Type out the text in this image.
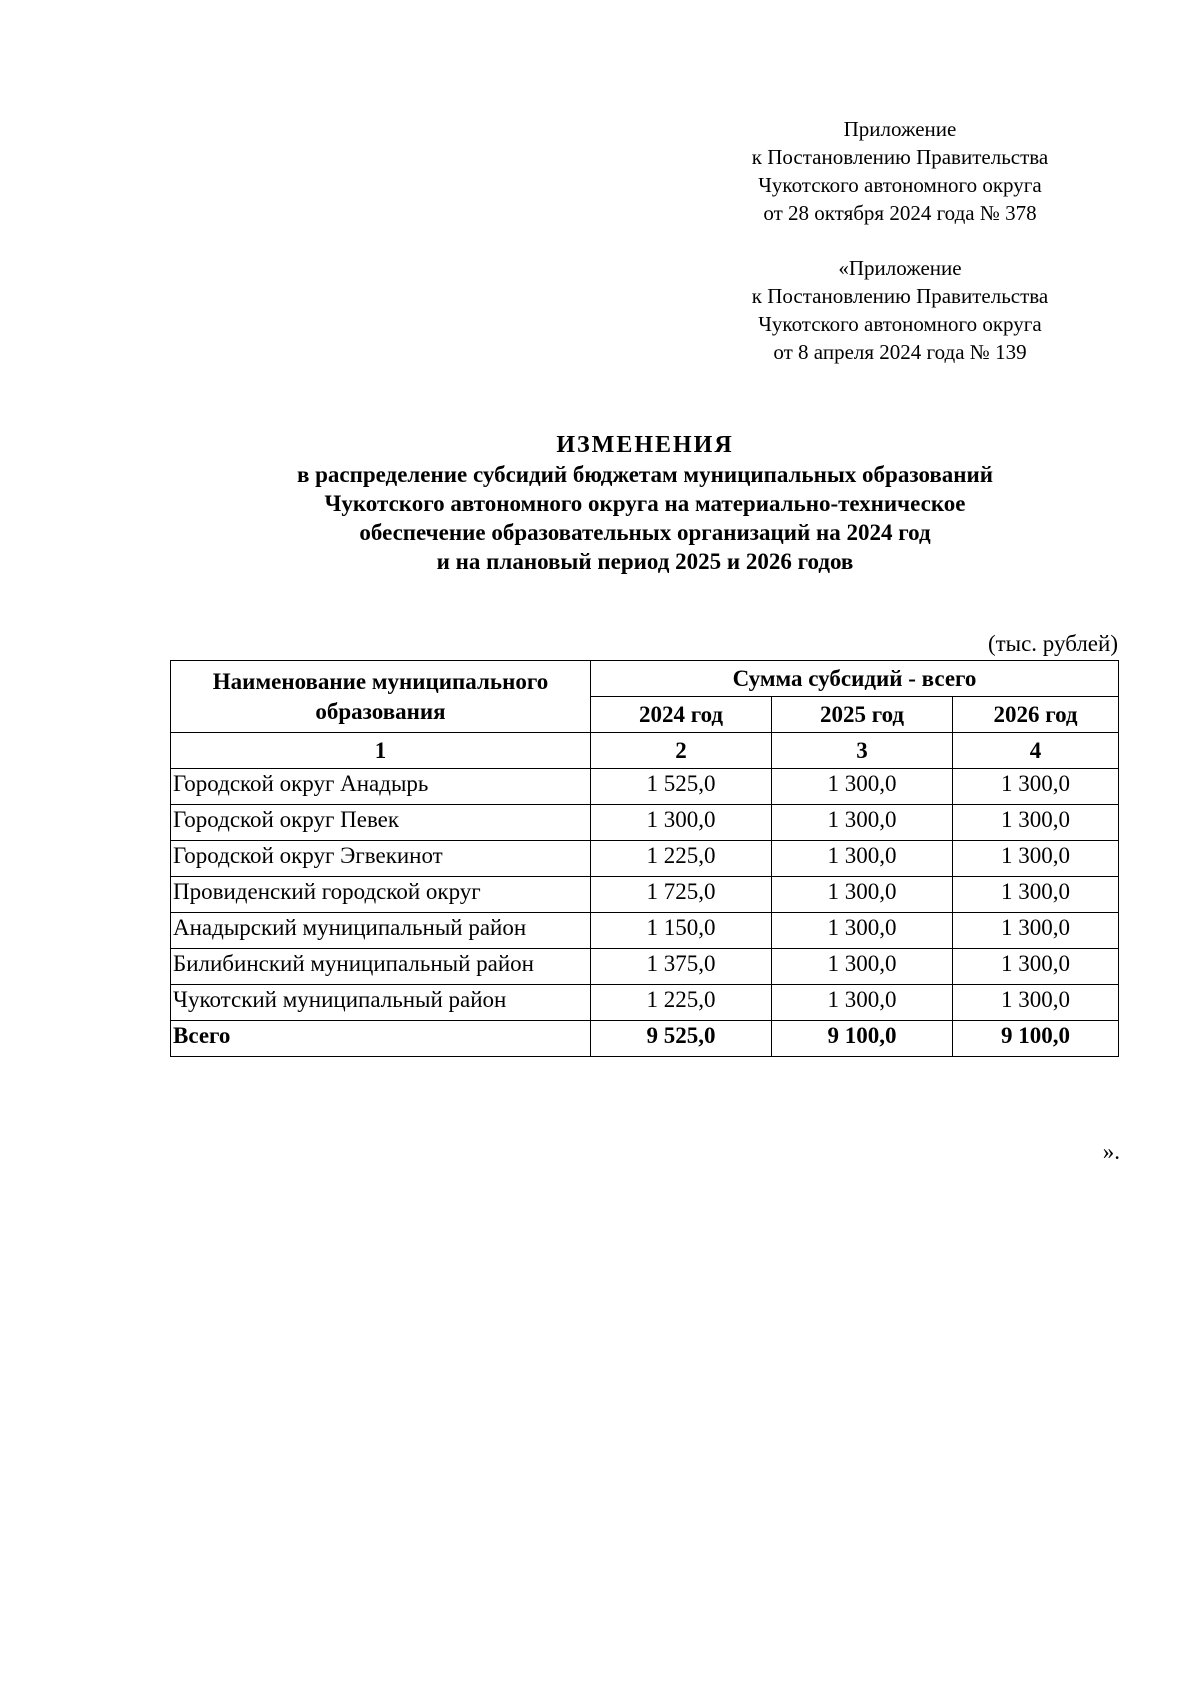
Приложение
к Постановлению Правительства
Чукотского автономного округа
от 28 октября 2024 года № 378
«Приложение
к Постановлению Правительства
Чукотского автономного округа
от 8 апреля 2024 года № 139
ИЗМЕНЕНИЯ
в распределение субсидий бюджетам муниципальных образований
Чукотского автономного округа на материально-техническое
обеспечение образовательных организаций на 2024 год
и на плановый период 2025 и 2026 годов
(тыс. рублей)
Наименование муниципального образования	Сумма субсидий - всего		
	2024 год	2025 год	2026 год
1	2	3	4
Городской округ Анадырь	1 525,0	1 300,0	1 300,0
Городской округ Певек	1 300,0	1 300,0	1 300,0
Городской округ Эгвекинот	1 225,0	1 300,0	1 300,0
Провиденский городской округ	1 725,0	1 300,0	1 300,0
Анадырский муниципальный район	1 150,0	1 300,0	1 300,0
Билибинский муниципальный район	1 375,0	1 300,0	1 300,0
Чукотский муниципальный район	1 225,0	1 300,0	1 300,0
Всего	9 525,0	9 100,0	9 100,0
».
